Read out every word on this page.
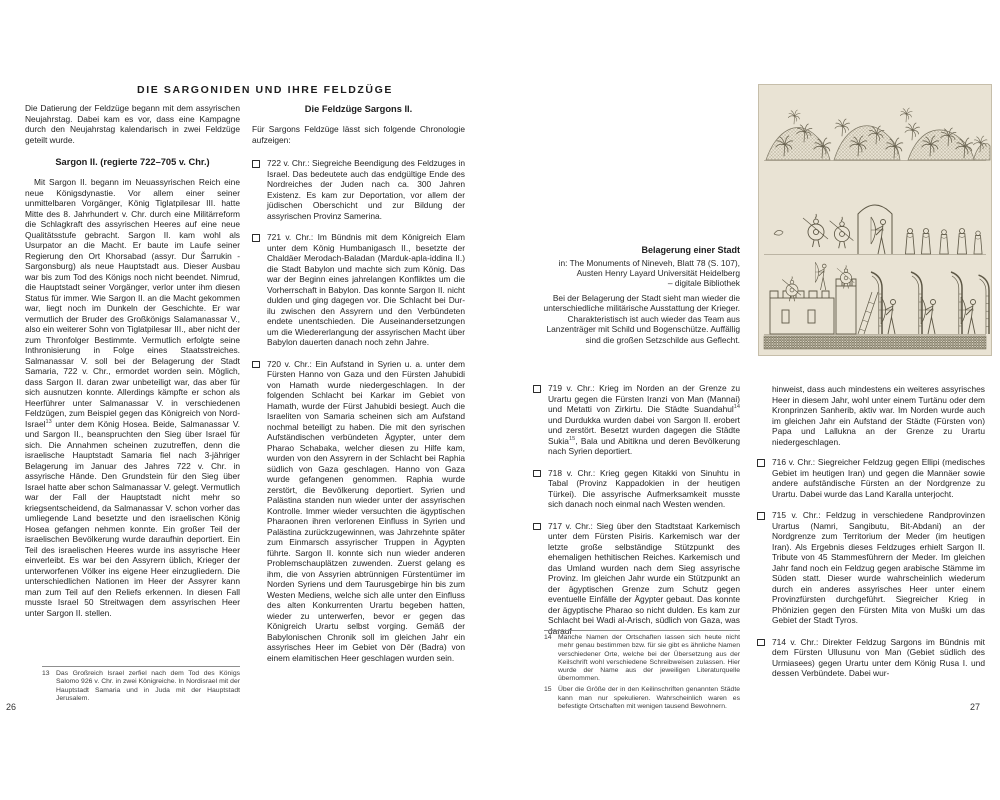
DIE SARGONIDEN UND IHRE FELDZÜGE

Die Datierung der Feldzüge begann mit dem assyrischen Neujahrstag. Dabei kam es vor, dass eine Kampagne durch den Neujahrstag kalendarisch in zwei Feldzüge geteilt wurde.

Sargon II. (regierte 722–705 v. Chr.)

Mit Sargon II. begann im Neuassyrischen Reich eine neue Königsdynastie. Vor allem einer seiner unmittelbaren Vorgänger, König Tiglatpilesar III. hatte Mitte des 8. Jahrhundert v. Chr. durch eine Militärreform die Schlagkraft des assyrischen Heeres auf eine neue Qualitätsstufe gebracht. Sargon II. kam wohl als Usurpator an die Macht. Er baute im Laufe seiner Regierung den Ort Khorsabad (assyr. Dur Šarrukin -Sargonsburg) als neue Hauptstadt aus. Dieser Ausbau war bis zum Tod des Königs noch nicht beendet. Nimrud, die Hauptstadt seiner Vorgänger, verlor unter ihm diesen Status für immer. Wie Sargon II. an die Macht gekommen war, liegt noch im Dunkeln der Geschichte. Er war vermutlich der Bruder des Großkönigs Salamanassar V., also ein weiterer Sohn von Tiglatpilesar III., aber nicht der zum Thronfolger Bestimmte. Vermutlich erfolgte seine Inthronisierung in Folge eines Staatsstreiches. Salmanassar V. soll bei der Belagerung der Stadt Samaria, 722 v. Chr., ermordet worden sein. Möglich, dass Sargon II. daran zwar unbeteiligt war, das aber für sich ausnutzen konnte. Allerdings kämpfte er schon als Heerführer unter Salmanassar V. in verschiedenen Feldzügen, zum Beispiel gegen das Königreich von Nord-Israel$^{13}$ unter dem König Hosea. Beide, Salmanassar V. und Sargon II., beanspruchten den Sieg über Israel für sich. Die Annahmen scheinen zuzutreffen, denn die israelische Hauptstadt Samaria fiel nach 3-jähriger Belagerung im Januar des Jahres 722 v. Chr. in assyrische Hände. Den Grundstein für den Sieg über Israel hatte aber schon Salmanassar V. gelegt. Vermutlich war der Fall der Hauptstadt nicht mehr so kriegsentscheidend, da Salmanassar V. schon vorher das umliegende Land besetzte und den israelischen König Hosea gefangen nehmen konnte. Ein großer Teil der israelischen Bevölkerung wurde daraufhin deportiert. Ein Teil des israelischen Heeres wurde ins assyrische Heer einverleibt. Es war bei den Assyrern üblich, Krieger der unterworfenen Völker ins eigene Heer einzugliedern. Die unterschiedlichen Nationen im Heer der Assyrer kann man zum Teil auf den Reliefs erkennen. In diesen Fall musste Israel 50 Streitwagen dem assyrischen Heer unter Sargon II. stellen.

Die Feldzüge Sargons II.

Für Sargons Feldzüge lässt sich folgende Chronologie aufzeigen:

722 v. Chr.: Siegreiche Beendigung des Feldzuges in Israel. Das bedeutete auch das endgültige Ende des Nordreiches der Juden nach ca. 300 Jahren Existenz. Es kam zur Deportation, vor allem der jüdischen Oberschicht und zur Bildung der assyrischen Provinz Samerina.
721 v. Chr.: Im Bündnis mit dem Königreich Elam unter dem König Humbanigasch II., besetzte der Chaldäer Merodach-Baladan (Marduk-apla-iddina II.) die Stadt Babylon und machte sich zum König. Das war der Beginn eines jahrelangen Konfliktes um die Vorherrschaft in Babylon. Das konnte Sargon II. nicht dulden und ging dagegen vor. Die Schlacht bei Dur-ilu zwischen den Assyrern und den Verbündeten endete unentschieden. Die Auseinandersetzungen um die Wiedererlangung der assyrischen Macht über Babylon dauerten danach noch zehn Jahre.
720 v. Chr.: Ein Aufstand in Syrien u. a. unter dem Fürsten Hanno von Gaza und den Fürsten Jahubidi von Hamath wurde niedergeschlagen. In der folgenden Schlacht bei Karkar im Gebiet von Hamath, wurde der Fürst Jahubidi besiegt. Auch die Israeliten von Samaria scheinen sich am Aufstand nochmal beteiligt zu haben. Die mit den syrischen Aufständischen verbündeten Ägypter, unter dem Pharao Schabaka, welcher diesen zu Hilfe kam, wurden von den Assyrern in der Schlacht bei Raphia südlich von Gaza geschlagen. Hanno von Gaza wurde gefangenen genommen. Raphia wurde zerstört, die Bevölkerung deportiert. Syrien und Palästina standen nun wieder unter der assyrischen Kontrolle. Immer wieder versuchten die ägyptischen Pharaonen ihren verlorenen Einfluss in Syrien und Palästina zurückzugewinnen, was Jahrzehnte später zum Einmarsch assyrischer Truppen in Ägypten führte. Sargon II. konnte sich nun wieder anderen Problemschauplätzen zuwenden. Zuerst gelang es ihm, die von Assyrien abtrünnigen Fürstentümer im Norden Syriens und dem Taurusgebirge hin bis zum Westen Mediens, welche sich alle unter den Einfluss des alten Konkurrenten Urartu begeben hatten, wieder zu unterwerfen, bevor er gegen das Königreich Urartu selbst vorging. Gemäß der Babylonischen Chronik soll im gleichen Jahr ein assyrisches Heer im Gebiet von Dēr (Badra) von einem elamitischen Heer geschlagen wurden sein.
13 Das Großreich Israel zerfiel nach dem Tod des Königs Salomo 926 v. Chr. in zwei Königreiche. In Nordisrael mit der Hauptstadt Samaria und in Juda mit der Hauptstadt Jerusalem.
26
Belagerung einer Stadt
in: The Monuments of Nineveh, Blatt 78 (S. 107),
Austen Henry Layard Universität Heidelberg
– digitale Bibliothek
Bei der Belagerung der Stadt sieht man wieder die unterschiedliche militärische Ausstattung der Krieger. Charakteristisch ist auch wieder das Team aus Lanzenträger mit Schild und Bogenschütze. Auffällig sind die großen Setzschilde aus Geflecht.
719 v. Chr.: Krieg im Norden an der Grenze zu Urartu gegen die Fürsten Iranzi von Man (Mannai) und Metatti von Zirkirtu. Die Städte Suandahul$^{14}$ und Durdukka wurden dabei von Sargon II. erobert und zerstört. Besetzt wurden dagegen die Städte Sukia$^{15}$, Bala und Abitikna und deren Bevölkerung nach Syrien deportiert.
718 v. Chr.: Krieg gegen Kitakki von Sinuhtu in Tabal (Provinz Kappadokien in der heutigen Türkei). Die assyrische Aufmerksamkeit musste sich danach noch einmal nach Westen wenden.
717 v. Chr.: Sieg über den Stadtstaat Karkemisch unter dem Fürsten Pisiris. Karkemisch war der letzte große selbständige Stützpunkt des ehemaligen hethitischen Reiches. Karkemisch und das Umland wurden nach dem Sieg assyrische Provinz. Im gleichen Jahr wurde ein Stützpunkt an der ägyptischen Grenze zum Schutz gegen eventuelle Einfälle der Ägypter gebaut. Das konnte der ägyptische Pharao so nicht dulden. Es kam zur Schlacht bei Wadi al-Arisch, südlich von Gaza, was darauf
14 Manche Namen der Ortschaften lassen sich heute nicht mehr genau bestimmen bzw. für sie gibt es ähnliche Namen verschiedener Orte, welche bei der Übersetzung aus der Keilschrift wohl verschiedene Schreibweisen zulassen. Hier wurde der Name aus der jeweiligen Literaturquelle übernommen.
15 Über die Größe der in den Keilinschriften genannten Städte kann man nur spekulieren. Wahrscheinlich waren es befestigte Ortschaften mit wenigen tausend Bewohnern.

hinweist, dass auch mindestens ein weiteres assyrisches Heer in diesem Jahr, wohl unter einem Turtänu oder dem Kronprinzen Sanherib, aktiv war. Im Norden wurde auch im gleichen Jahr ein Aufstand der Städte (Fürsten von) Papa und Lallukna an der Grenze zu Urartu niedergeschlagen.

716 v. Chr.: Siegreicher Feldzug gegen Ellipi (medisches Gebiet im heutigen Iran) und gegen die Mannäer sowie andere aufständische Fürsten an der Nordgrenze zu Urartu. Dabei wurde das Land Karalla unterjocht.
715 v. Chr.: Feldzug in verschiedene Randprovinzen Urartus (Namri, Sangibutu, Bit-Abdani) an der Nordgrenze zum Territorium der Meder (im heutigen Iran). Als Ergebnis dieses Feldzuges erhielt Sargon II. Tribute von 45 Stammesführern der Meder. Im gleichen Jahr fand noch ein Feldzug gegen arabische Stämme im Süden statt. Dieser wurde wahrscheinlich wiederum durch ein anderes assyrisches Heer unter einem Provinzfürsten durchgeführt. Siegreicher Krieg in Phönizien gegen den Fürsten Mita von Muški um das Gebiet der Stadt Tyros.
714 v. Chr.: Direkter Feldzug Sargons im Bündnis mit dem Fürsten Ullusunu von Man (Gebiet südlich des Urmiasees) gegen Urartu unter dem König Rusa I. und dessen Verbündete. Dabei wur-
27
